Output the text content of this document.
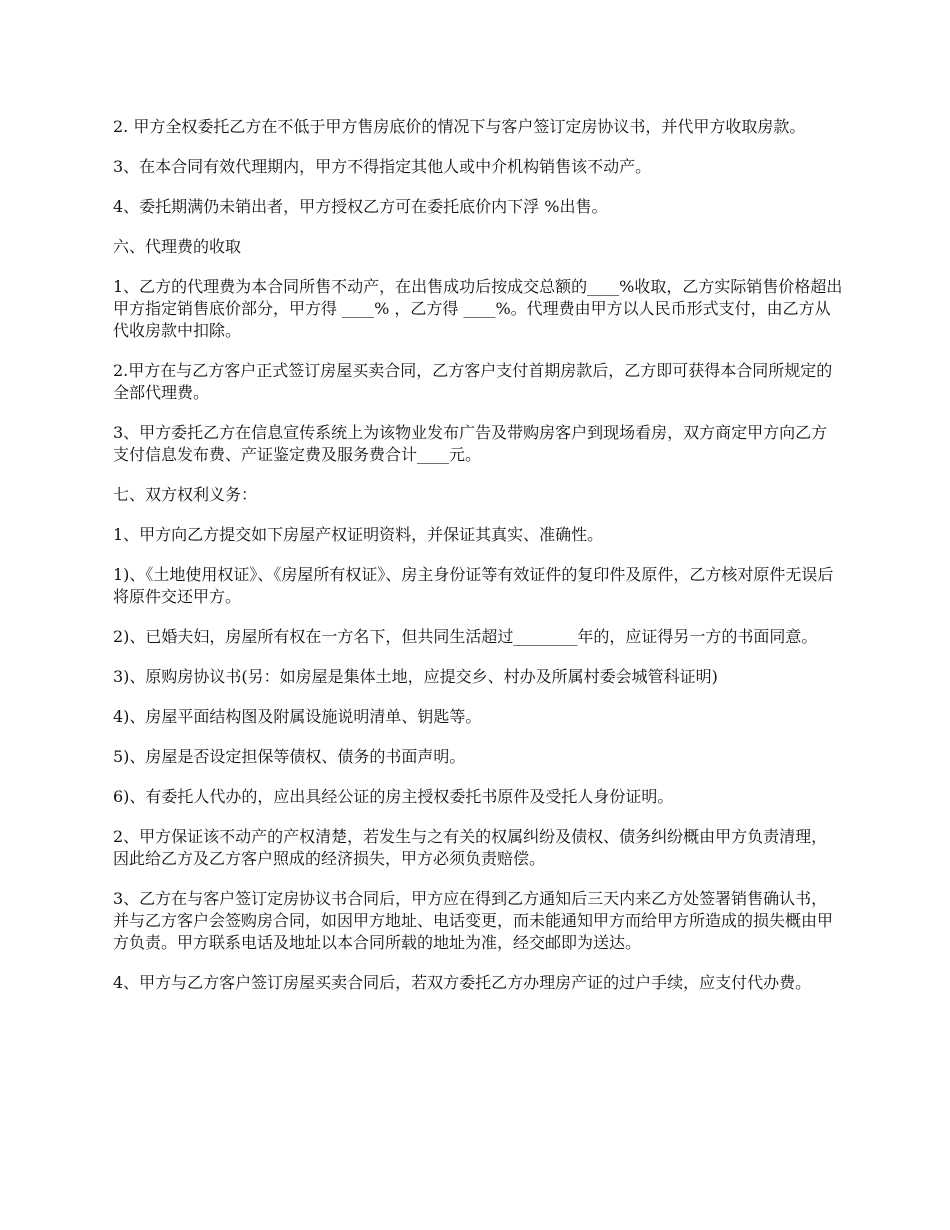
2. 甲方全权委托乙方在不低于甲方售房底价的情况下与客户签订定房协议书，并代甲方收取房款。

3、在本合同有效代理期内，甲方不得指定其他人或中介机构销售该不动产。

4、委托期满仍未销出者，甲方授权乙方可在委托底价内下浮 %出售。

六、代理费的收取

1、乙方的代理费为本合同所售不动产，在出售成功后按成交总额的____%收取，乙方实际销售价格超出甲方指定销售底价部分，甲方得 ____% ，乙方得 ____%。代理费由甲方以人民币形式支付，由乙方从代收房款中扣除。

2.甲方在与乙方客户正式签订房屋买卖合同，乙方客户支付首期房款后，乙方即可获得本合同所规定的全部代理费。

3、甲方委托乙方在信息宣传系统上为该物业发布广告及带购房客户到现场看房，双方商定甲方向乙方支付信息发布费、产证鉴定费及服务费合计____元。

七、双方权利义务：

1、甲方向乙方提交如下房屋产权证明资料，并保证其真实、准确性。

1)、《土地使用权证》、《房屋所有权证》、房主身份证等有效证件的复印件及原件，乙方核对原件无误后将原件交还甲方。

2)、已婚夫妇，房屋所有权在一方名下，但共同生活超过________年的，应证得另一方的书面同意。

3)、原购房协议书(另：如房屋是集体土地，应提交乡、村办及所属村委会城管科证明)

4)、房屋平面结构图及附属设施说明清单、钥匙等。

5)、房屋是否设定担保等债权、债务的书面声明。

6)、有委托人代办的，应出具经公证的房主授权委托书原件及受托人身份证明。

2、甲方保证该不动产的产权清楚，若发生与之有关的权属纠纷及债权、债务纠纷概由甲方负责清理，因此给乙方及乙方客户照成的经济损失，甲方必须负责赔偿。

3、乙方在与客户签订定房协议书合同后，甲方应在得到乙方通知后三天内来乙方处签署销售确认书，并与乙方客户会签购房合同，如因甲方地址、电话变更，而未能通知甲方而给甲方所造成的损失概由甲方负责。甲方联系电话及地址以本合同所载的地址为准，经交邮即为送达。

4、甲方与乙方客户签订房屋买卖合同后，若双方委托乙方办理房产证的过户手续，应支付代办费。
